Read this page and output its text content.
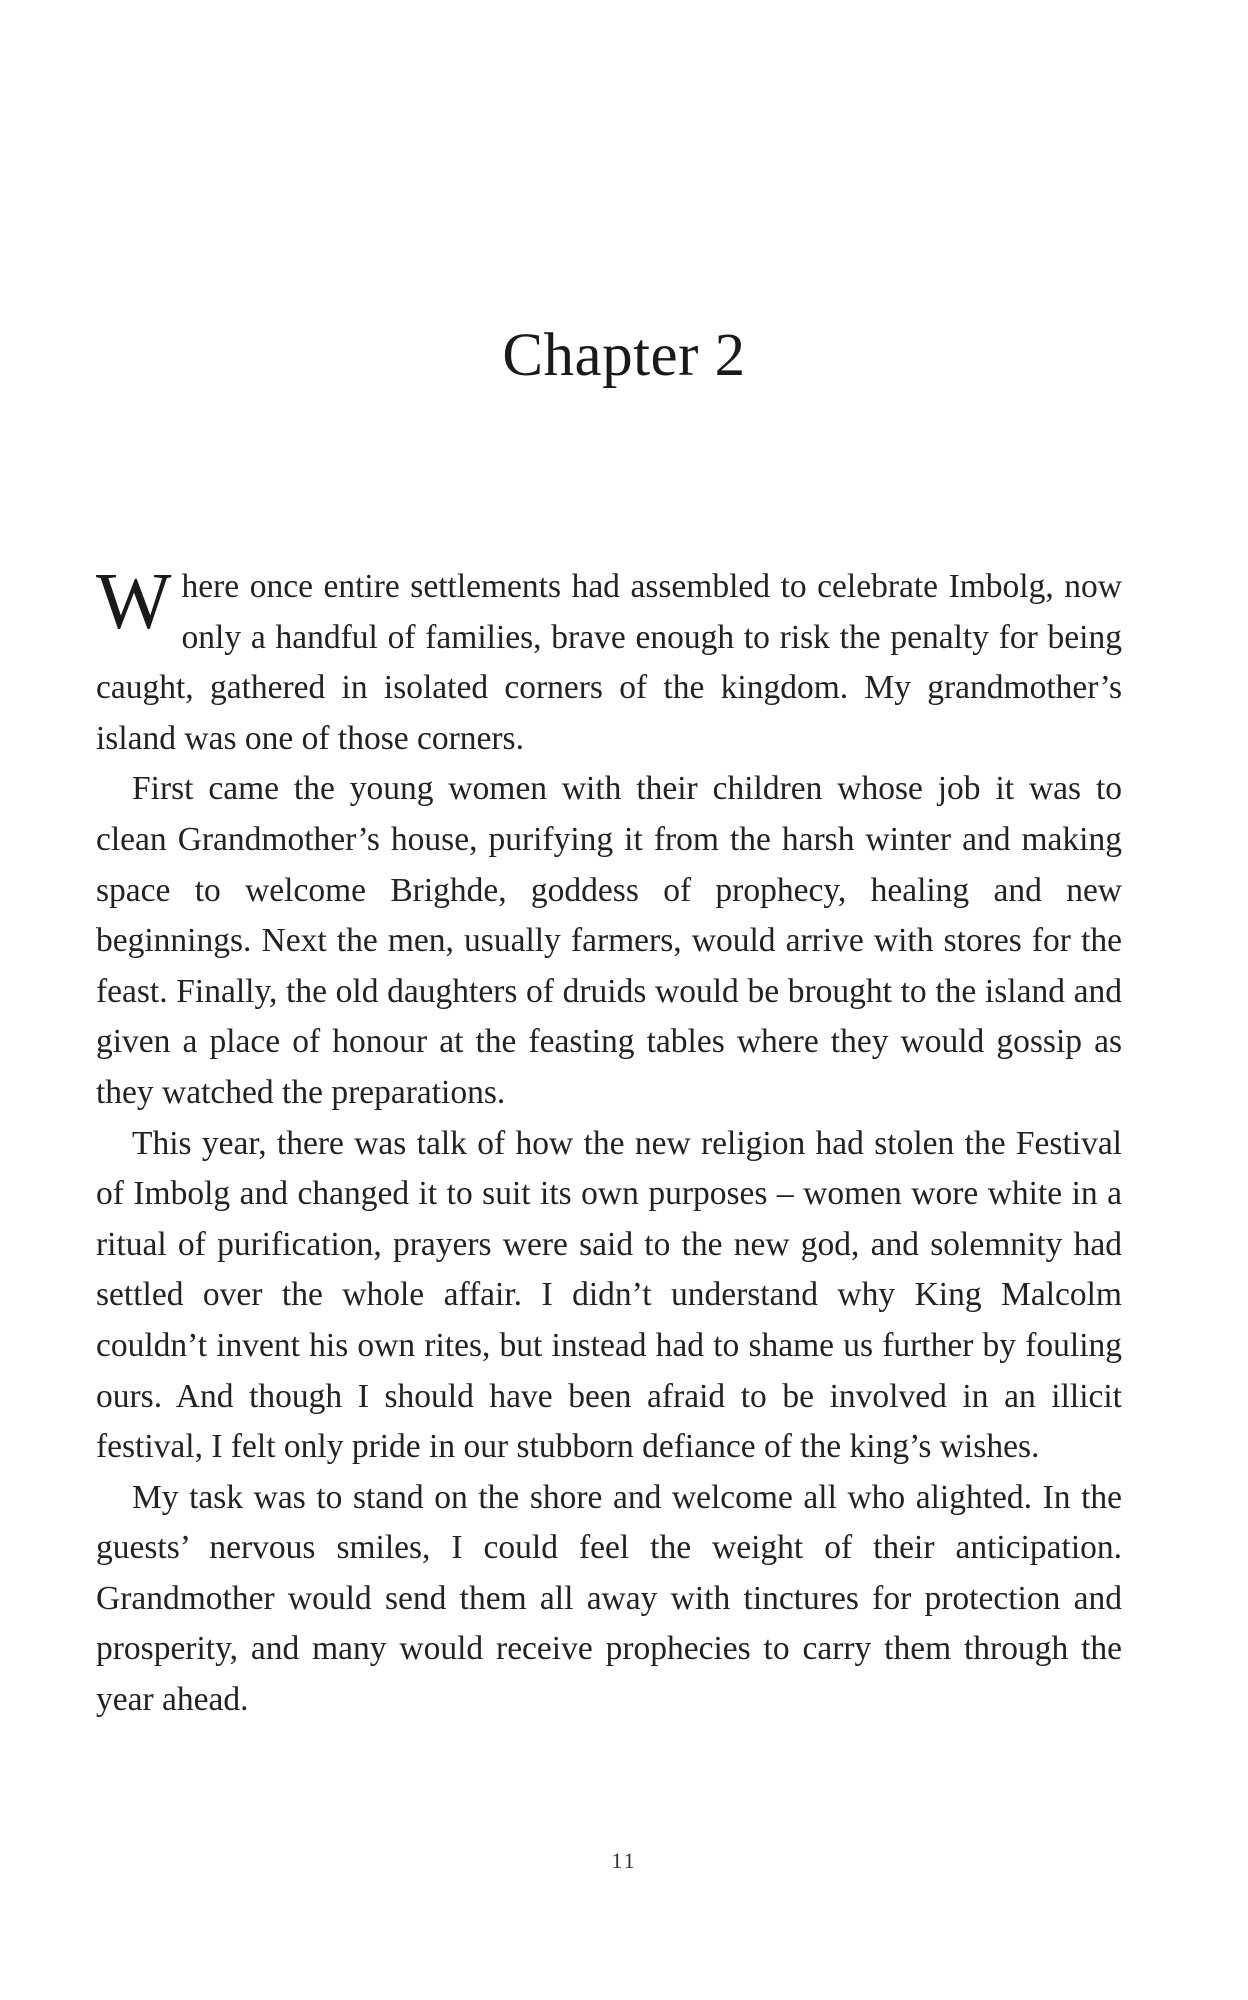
Chapter 2

Where once entire settlements had assembled to celebrate Imbolg, now only a handful of families, brave enough to risk the penalty for being caught, gathered in isolated corners of the kingdom. My grandmother’s island was one of those corners.

First came the young women with their children whose job it was to clean Grandmother’s house, purifying it from the harsh winter and making space to welcome Brighde, goddess of prophecy, healing and new beginnings. Next the men, usually farmers, would arrive with stores for the feast. Finally, the old daughters of druids would be brought to the island and given a place of honour at the feasting tables where they would gossip as they watched the preparations.

This year, there was talk of how the new religion had stolen the Festival of Imbolg and changed it to suit its own purposes – women wore white in a ritual of purification, prayers were said to the new god, and solemnity had settled over the whole affair. I didn’t understand why King Malcolm couldn’t invent his own rites, but instead had to shame us further by fouling ours. And though I should have been afraid to be involved in an illicit festival, I felt only pride in our stubborn defiance of the king’s wishes.

My task was to stand on the shore and welcome all who alighted. In the guests’ nervous smiles, I could feel the weight of their anticipation. Grandmother would send them all away with tinctures for protection and prosperity, and many would receive prophecies to carry them through the year ahead.

11
